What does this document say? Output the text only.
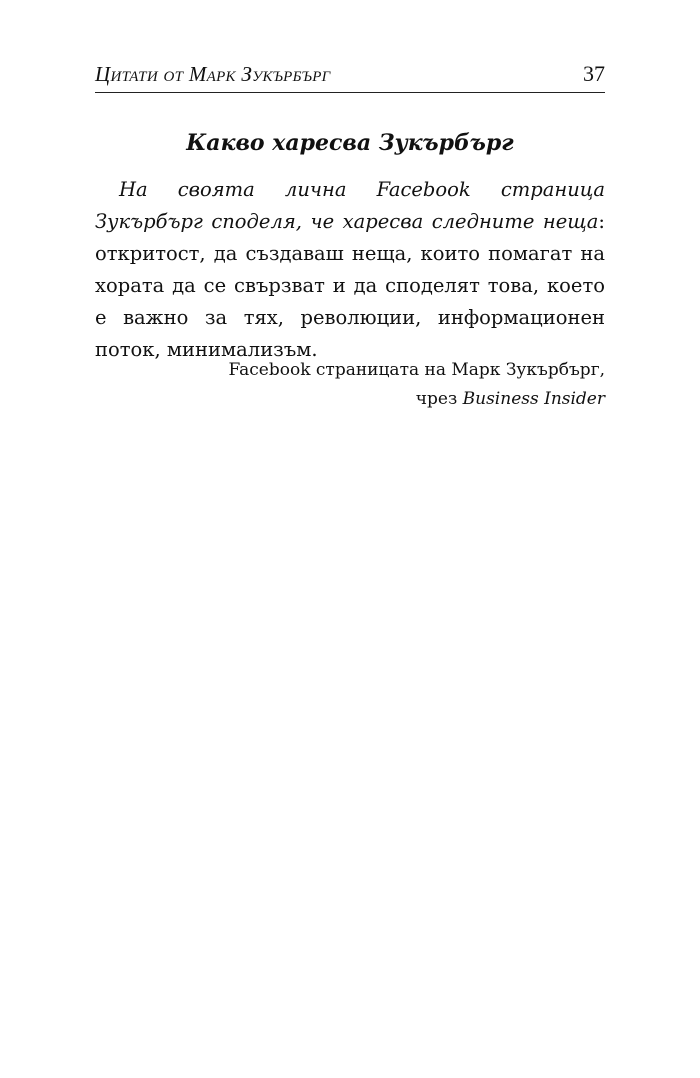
Цитати от Марк Зукърбърг	37
Какво харесва Зукърбърг

На своята лична Facebook страница Зукърбърг споделя, че харесва следните неща: откритост, да създаваш неща, които помагат на хората да се свързват и да споделят това, което е важно за тях, революции, информационен поток, минимализъм.

Facebook страницата на Марк Зукърбърг,
чрез Business Insider
